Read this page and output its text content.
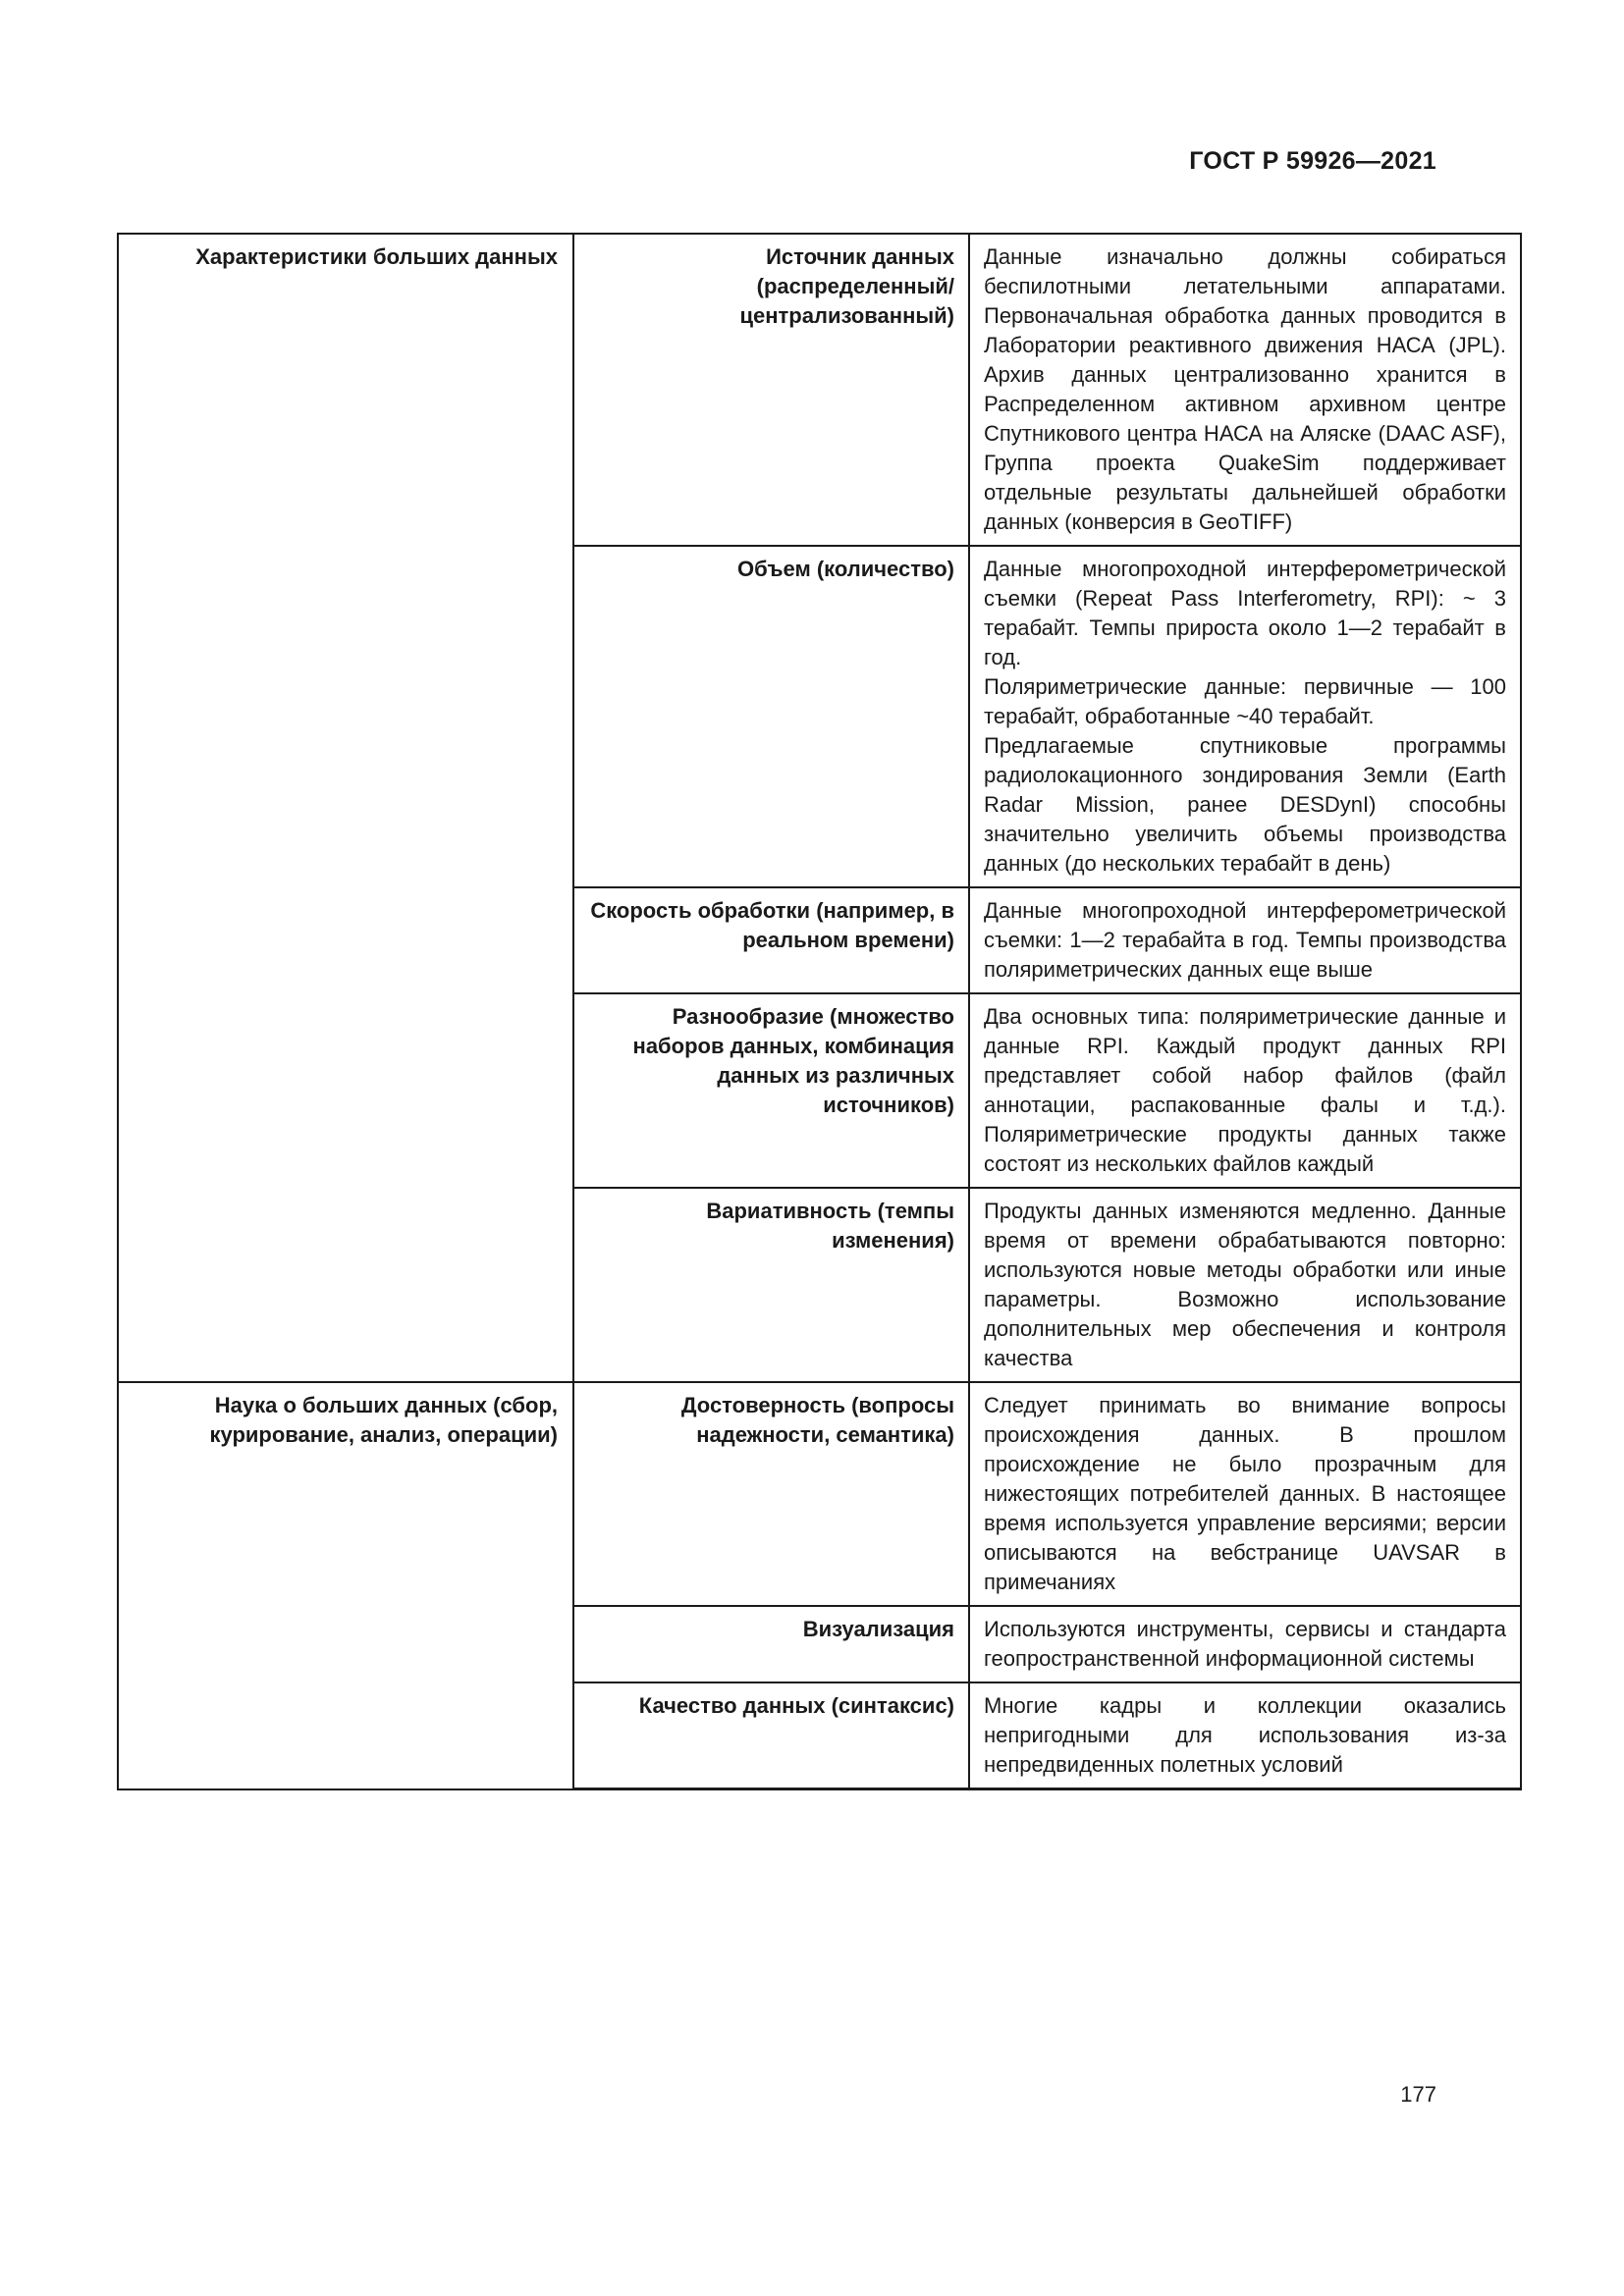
ГОСТ Р 59926—2021
Характеристики больших данных	Источник данных (распределенный/ централизованный)	Данные изначально должны собираться беспилотными летательными аппаратами. Первоначальная обработка данных проводится в Лаборатории реактивного движения НАСА (JPL). Архив данных централизованно хранится в Распределенном активном архивном центре Спутникового центра НАСА на Аляске (DAAC ASF), Группа проекта QuakeSim поддерживает отдельные результаты дальнейшей обработки данных (конверсия в GeoTIFF)

	Объем (количество)	Данные многопроходной интерферометрической съемки (Repeat Pass Interferometry, RPI): ~ 3 терабайт. Темпы прироста около 1—2 терабайт в год.
Поляриметрические данные: первичные — 100 терабайт, обработанные ~40 терабайт.
Предлагаемые спутниковые программы радиолокационного зондирования Земли (Earth Radar Mission, ранее DESDynI) способны значительно увеличить объемы производства данных (до нескольких терабайт в день)

	Скорость обработки (например, в реальном времени)	Данные многопроходной интерферометрической съемки: 1—2 терабайта в год. Темпы производства поляриметрических данных еще выше

	Разнообразие (множество наборов данных, комбинация данных из различных источников)	Два основных типа: поляриметрические данные и данные RPI. Каждый продукт данных RPI представляет собой набор файлов (файл аннотации, распакованные фалы и т.д.). Поляриметрические продукты данных также состоят из нескольких файлов каждый

	Вариативность (темпы изменения)	Продукты данных изменяются медленно. Данные время от времени обрабатываются повторно: используются новые методы обработки или иные параметры. Возможно использование дополнительных мер обеспечения и контроля качества

Наука о больших данных (сбор, курирование, анализ, операции)	Достоверность (вопросы надежности, семантика)	Следует принимать во внимание вопросы происхождения данных. В прошлом происхождение не было прозрачным для нижестоящих потребителей данных. В настоящее время используется управление версиями; версии описываются на вебстранице UAVSAR в примечаниях

	Визуализация	Используются инструменты, сервисы и стандарта геопространственной информационной системы

	Качество данных (синтаксис)	Многие кадры и коллекции оказались непригодными для использования из-за непредвиденных полетных условий
177
